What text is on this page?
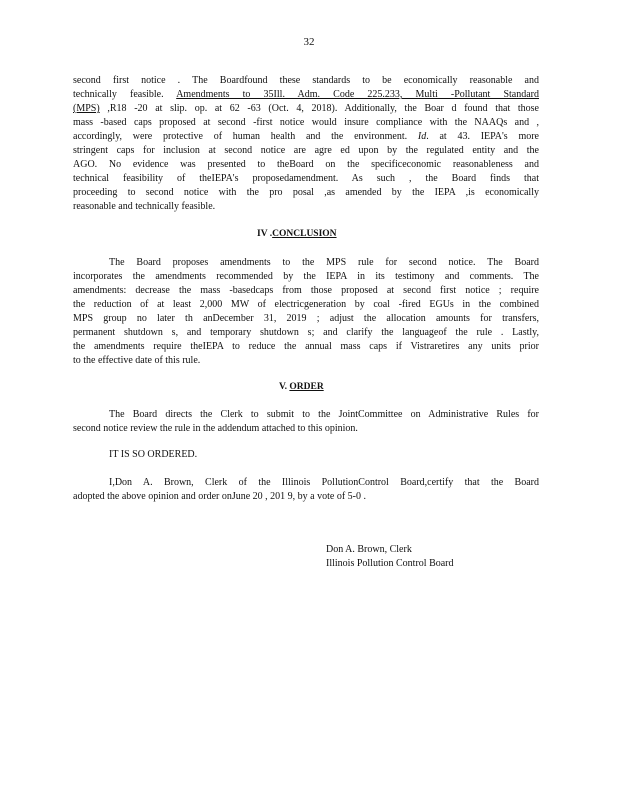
32
second first notice . The Boardfound these standards to be economically reasonable and
technically feasible. Amendments to 35Ill. Adm. Code 225.233, Multi -Pollutant Standard
(MPS) ,R18 -20 at slip. op. at 62 -63 (Oct. 4, 2018). Additionally, the Boar d found that those
mass -based caps proposed at second -first notice would insure compliance with the NAAQs and ,
accordingly, were protective of human health and the environment. Id. at 43. IEPA's more
stringent caps for inclusion at second notice are agre ed upon by the regulated entity and the
AGO. No evidence was presented to theBoard on the specificeconomic reasonableness and
technical feasibility of theIEPA's proposedamendment. As such , the Board finds that
proceeding to second notice with the pro posal ,as amended by the IEPA ,is economically
reasonable and technically feasible.
IV .CONCLUSION
The Board proposes amendments to the MPS rule for second notice. The Board
incorporates the amendments recommended by the IEPA in its testimony and comments. The
amendments: decrease the mass -basedcaps from those proposed at second first notice ; require
the reduction of at least 2,000 MW of electricgeneration by coal -fired EGUs in the combined
MPS group no later th anDecember 31, 2019 ; adjust the allocation amounts for transfers,
permanent shutdown s, and temporary shutdown s; and clarify the languageof the rule . Lastly,
the amendments require theIEPA to reduce the annual mass caps if Vistraretires any units prior
to the effective date of this rule.
V. ORDER
The Board directs the Clerk to submit to the JointCommittee on Administrative Rules for
second notice review the rule in the addendum attached to this opinion.
IT IS SO ORDERED.
I,Don A. Brown, Clerk of the Illinois PollutionControl Board,certify that the Board
adopted the above opinion and order onJune 20 , 201 9, by a vote of 5-0 .
Don A. Brown, Clerk
Illinois Pollution Control Board
